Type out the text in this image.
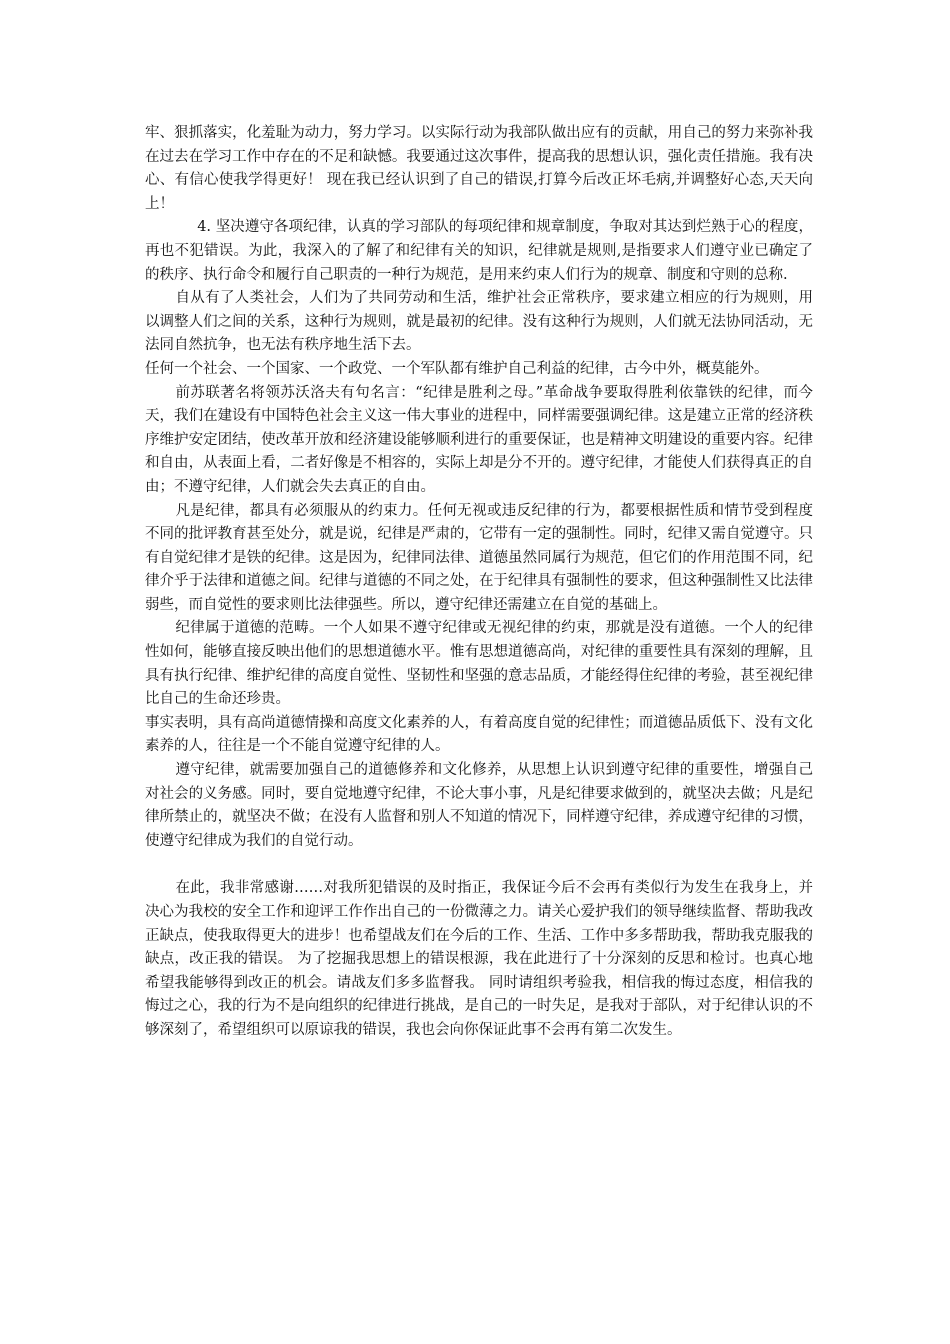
牢、狠抓落实，化羞耻为动力，努力学习。以实际行动为我部队做出应有的贡献，用自己的努力来弥补我在过去在学习工作中存在的不足和缺憾。我要通过这次事件，提高我的思想认识，强化责任措施。我有决心、有信心使我学得更好！ 现在我已经认识到了自己的错误,打算今后改正坏毛病,并调整好心态,天天向上！

4. 坚决遵守各项纪律，认真的学习部队的每项纪律和规章制度，争取对其达到烂熟于心的程度，再也不犯错误。为此，我深入的了解了和纪律有关的知识，纪律就是规则,是指要求人们遵守业已确定了的秩序、执行命令和履行自己职责的一种行为规范，是用来约束人们行为的规章、制度和守则的总称.

自从有了人类社会，人们为了共同劳动和生活，维护社会正常秩序，要求建立相应的行为规则，用以调整人们之间的关系，这种行为规则，就是最初的纪律。没有这种行为规则，人们就无法协同活动，无法同自然抗争，也无法有秩序地生活下去。

任何一个社会、一个国家、一个政党、一个军队都有维护自己利益的纪律，古今中外，概莫能外。

前苏联著名将领苏沃洛夫有句名言：“纪律是胜利之母。”革命战争要取得胜利依靠铁的纪律，而今天，我们在建设有中国特色社会主义这一伟大事业的进程中，同样需要强调纪律。这是建立正常的经济秩序维护安定团结，使改革开放和经济建设能够顺利进行的重要保证，也是精神文明建设的重要内容。纪律和自由，从表面上看，二者好像是不相容的，实际上却是分不开的。遵守纪律，才能使人们获得真正的自由；不遵守纪律，人们就会失去真正的自由。

凡是纪律，都具有必须服从的约束力。任何无视或违反纪律的行为，都要根据性质和情节受到程度不同的批评教育甚至处分，就是说，纪律是严肃的，它带有一定的强制性。同时，纪律又需自觉遵守。只有自觉纪律才是铁的纪律。这是因为，纪律同法律、道德虽然同属行为规范，但它们的作用范围不同，纪律介乎于法律和道德之间。纪律与道德的不同之处，在于纪律具有强制性的要求，但这种强制性又比法律弱些，而自觉性的要求则比法律强些。所以，遵守纪律还需建立在自觉的基础上。

纪律属于道德的范畴。一个人如果不遵守纪律或无视纪律的约束，那就是没有道德。一个人的纪律性如何，能够直接反映出他们的思想道德水平。惟有思想道德高尚，对纪律的重要性具有深刻的理解，且具有执行纪律、维护纪律的高度自觉性、坚韧性和坚强的意志品质，才能经得住纪律的考验，甚至视纪律比自己的生命还珍贵。

事实表明，具有高尚道德情操和高度文化素养的人，有着高度自觉的纪律性；而道德品质低下、没有文化素养的人，往往是一个不能自觉遵守纪律的人。

遵守纪律，就需要加强自己的道德修养和文化修养，从思想上认识到遵守纪律的重要性，增强自己对社会的义务感。同时，要自觉地遵守纪律，不论大事小事，凡是纪律要求做到的，就坚决去做；凡是纪律所禁止的，就坚决不做；在没有人监督和别人不知道的情况下，同样遵守纪律，养成遵守纪律的习惯，使遵守纪律成为我们的自觉行动。

在此，我非常感谢……对我所犯错误的及时指正，我保证今后不会再有类似行为发生在我身上，并决心为我校的安全工作和迎评工作作出自己的一份微薄之力。请关心爱护我们的领导继续监督、帮助我改正缺点，使我取得更大的进步！也希望战友们在今后的工作、生活、工作中多多帮助我，帮助我克服我的缺点，改正我的错误。 为了挖掘我思想上的错误根源，我在此进行了十分深刻的反思和检讨。也真心地希望我能够得到改正的机会。请战友们多多监督我。 同时请组织考验我，相信我的悔过态度，相信我的悔过之心，我的行为不是向组织的纪律进行挑战，是自己的一时失足，是我对于部队，对于纪律认识的不够深刻了，希望组织可以原谅我的错误，我也会向你保证此事不会再有第二次发生。
